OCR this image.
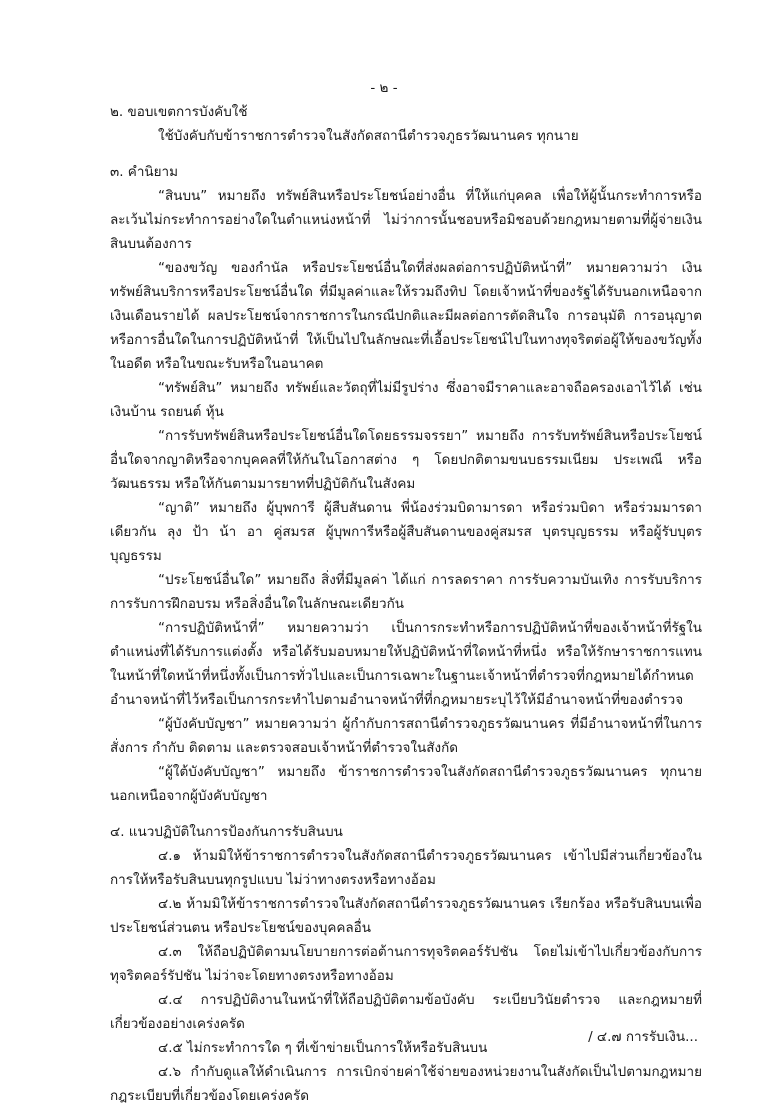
- ๒ -

๒. ขอบเขตการบังคับใช้

ใช้บังคับกับข้าราชการตำรวจในสังกัดสถานีตำรวจภูธรวัฒนานคร ทุกนาย

๓. คำนิยาม

“สินบน” หมายถึง ทรัพย์สินหรือประโยชน์อย่างอื่น ที่ให้แก่บุคคล เพื่อให้ผู้นั้นกระทำการหรือละเว้นไม่กระทำการอย่างใดในตำแหน่งหน้าที่ ไม่ว่าการนั้นชอบหรือมิชอบด้วยกฎหมายตามที่ผู้จ่ายเงินสินบนต้องการ

“ของขวัญ ของกำนัล หรือประโยชน์อื่นใดที่ส่งผลต่อการปฏิบัติหน้าที่” หมายความว่า เงินทรัพย์สินบริการหรือประโยชน์อื่นใด ที่มีมูลค่าและให้รวมถึงทิป โดยเจ้าหน้าที่ของรัฐได้รับนอกเหนือจากเงินเดือนรายได้ ผลประโยชน์จากราชการในกรณีปกติและมีผลต่อการตัดสินใจ การอนุมัติ การอนุญาต หรือการอื่นใดในการปฏิบัติหน้าที่ ให้เป็นไปในลักษณะที่เอื้อประโยชน์ไปในทางทุจริตต่อผู้ให้ของขวัญทั้งในอดีต หรือในขณะรับหรือในอนาคต

“ทรัพย์สิน” หมายถึง ทรัพย์และวัตถุที่ไม่มีรูปร่าง ซึ่งอาจมีราคาและอาจถือครองเอาไว้ได้ เช่น เงินบ้าน รถยนต์ หุ้น

“การรับทรัพย์สินหรือประโยชน์อื่นใดโดยธรรมจรรยา” หมายถึง การรับทรัพย์สินหรือประโยชน์อื่นใดจากญาติหรือจากบุคคลที่ให้กันในโอกาสต่าง ๆ โดยปกติตามขนบธรรมเนียม ประเพณี หรือวัฒนธรรม หรือให้กันตามมารยาทที่ปฏิบัติกันในสังคม

“ญาติ” หมายถึง ผู้บุพการี ผู้สืบสันดาน พี่น้องร่วมบิดามารดา หรือร่วมบิดา หรือร่วมมารดาเดียวกัน ลุง ป้า น้า อา คู่สมรส ผู้บุพการีหรือผู้สืบสันดานของคู่สมรส บุตรบุญธรรม หรือผู้รับบุตรบุญธรรม

“ประโยชน์อื่นใด” หมายถึง สิ่งที่มีมูลค่า ได้แก่ การลดราคา การรับความบันเทิง การรับบริการ การรับการฝึกอบรม หรือสิ่งอื่นใดในลักษณะเดียวกัน

“การปฏิบัติหน้าที่” หมายความว่า เป็นการกระทำหรือการปฏิบัติหน้าที่ของเจ้าหน้าที่รัฐในตำแหน่งที่ได้รับการแต่งตั้ง หรือได้รับมอบหมายให้ปฏิบัติหน้าที่ใดหน้าที่หนึ่ง หรือให้รักษาราชการแทน ในหน้าที่ใดหน้าที่หนึ่งทั้งเป็นการทั่วไปและเป็นการเฉพาะในฐานะเจ้าหน้าที่ตำรวจที่กฎหมายได้กำหนดอำนาจหน้าที่ไว้หรือเป็นการกระทำไปตามอำนาจหน้าที่ที่กฎหมายระบุไว้ให้มีอำนาจหน้าที่ของตำรวจ

“ผู้บังคับบัญชา” หมายความว่า ผู้กำกับการสถานีตำรวจภูธรวัฒนานคร ที่มีอำนาจหน้าที่ในการสั่งการ กำกับ ติดตาม และตรวจสอบเจ้าหน้าที่ตำรวจในสังกัด

“ผู้ใต้บังคับบัญชา” หมายถึง ข้าราชการตำรวจในสังกัดสถานีตำรวจภูธรวัฒนานคร ทุกนายนอกเหนือจากผู้บังคับบัญชา

๔. แนวปฏิบัติในการป้องกันการรับสินบน

๔.๑ ห้ามมิให้ข้าราชการตำรวจในสังกัดสถานีตำรวจภูธรวัฒนานคร เข้าไปมีส่วนเกี่ยวข้องในการให้หรือรับสินบนทุกรูปแบบ ไม่ว่าทางตรงหรือทางอ้อม

๔.๒ ห้ามมิให้ข้าราชการตำรวจในสังกัดสถานีตำรวจภูธรวัฒนานคร เรียกร้อง หรือรับสินบนเพื่อประโยชน์ส่วนตน หรือประโยชน์ของบุคคลอื่น

๔.๓ ให้ถือปฏิบัติตามนโยบายการต่อต้านการทุจริตคอร์รัปชัน โดยไม่เข้าไปเกี่ยวข้องกับการทุจริตคอร์รัปชัน ไม่ว่าจะโดยทางตรงหรือทางอ้อม

๔.๔ การปฏิบัติงานในหน้าที่ให้ถือปฏิบัติตามข้อบังคับ ระเบียบวินัยตำรวจ และกฎหมายที่เกี่ยวข้องอย่างเคร่งครัด

๔.๕ ไม่กระทำการใด ๆ ที่เข้าข่ายเป็นการให้หรือรับสินบน

๔.๖ กำกับดูแลให้ดำเนินการ การเบิกจ่ายค่าใช้จ่ายของหน่วยงานในสังกัดเป็นไปตามกฎหมายกฎระเบียบที่เกี่ยวข้องโดยเคร่งครัด

/ ๔.๗ การรับเงิน...
